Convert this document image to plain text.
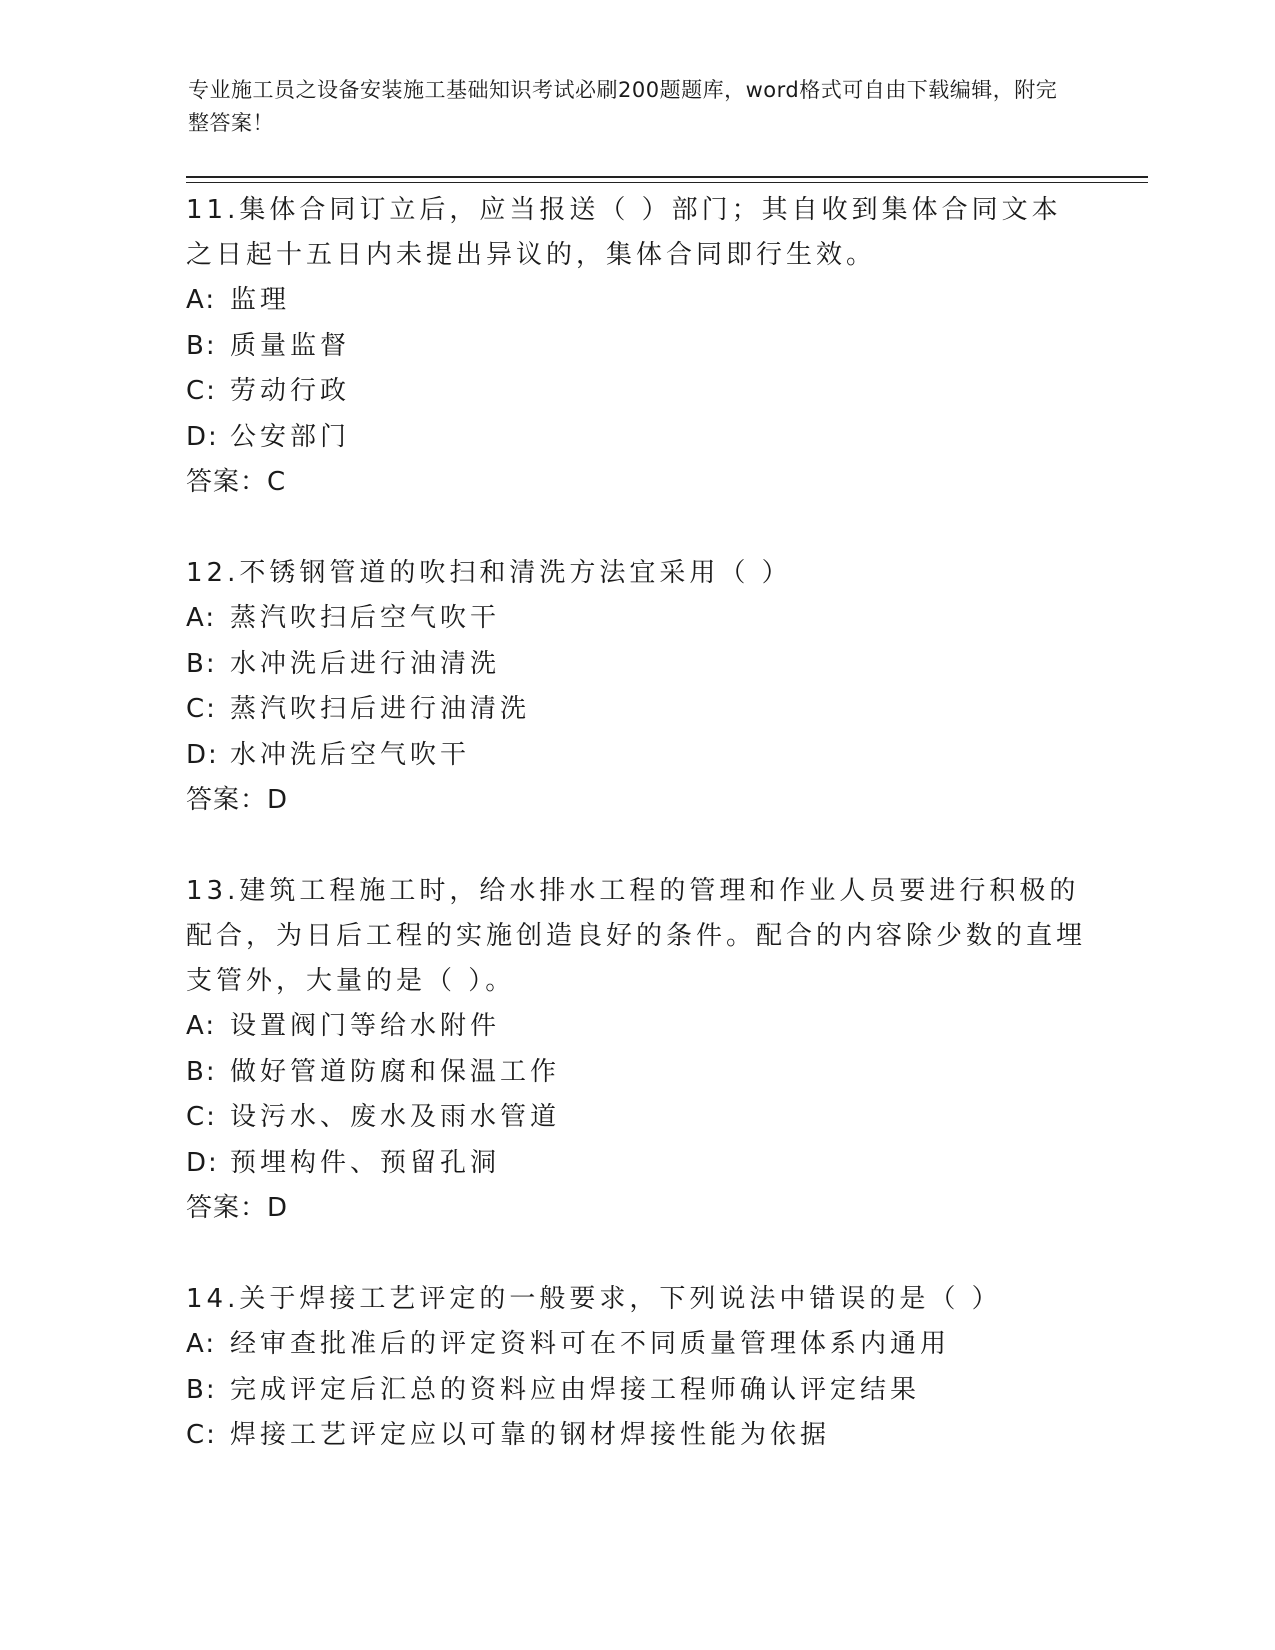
专业施工员之设备安装施工基础知识考试必刷200题题库，word格式可自由下载编辑，附完整答案！

11.集体合同订立后，应当报送（ ）部门；其自收到集体合同文本之日起十五日内未提出异议的，集体合同即行生效。

A: 监理

B: 质量监督

C: 劳动行政

D: 公安部门

答案：C

12.不锈钢管道的吹扫和清洗方法宜采用（ ）

A: 蒸汽吹扫后空气吹干

B: 水冲洗后进行油清洗

C: 蒸汽吹扫后进行油清洗

D: 水冲洗后空气吹干

答案：D

13.建筑工程施工时，给水排水工程的管理和作业人员要进行积极的配合，为日后工程的实施创造良好的条件。配合的内容除少数的直埋支管外，大量的是（ ）。

A: 设置阀门等给水附件

B: 做好管道防腐和保温工作

C: 设污水、废水及雨水管道

D: 预埋构件、预留孔洞

答案：D

14.关于焊接工艺评定的一般要求，下列说法中错误的是（ ）

A: 经审查批准后的评定资料可在不同质量管理体系内通用

B: 完成评定后汇总的资料应由焊接工程师确认评定结果

C: 焊接工艺评定应以可靠的钢材焊接性能为依据
